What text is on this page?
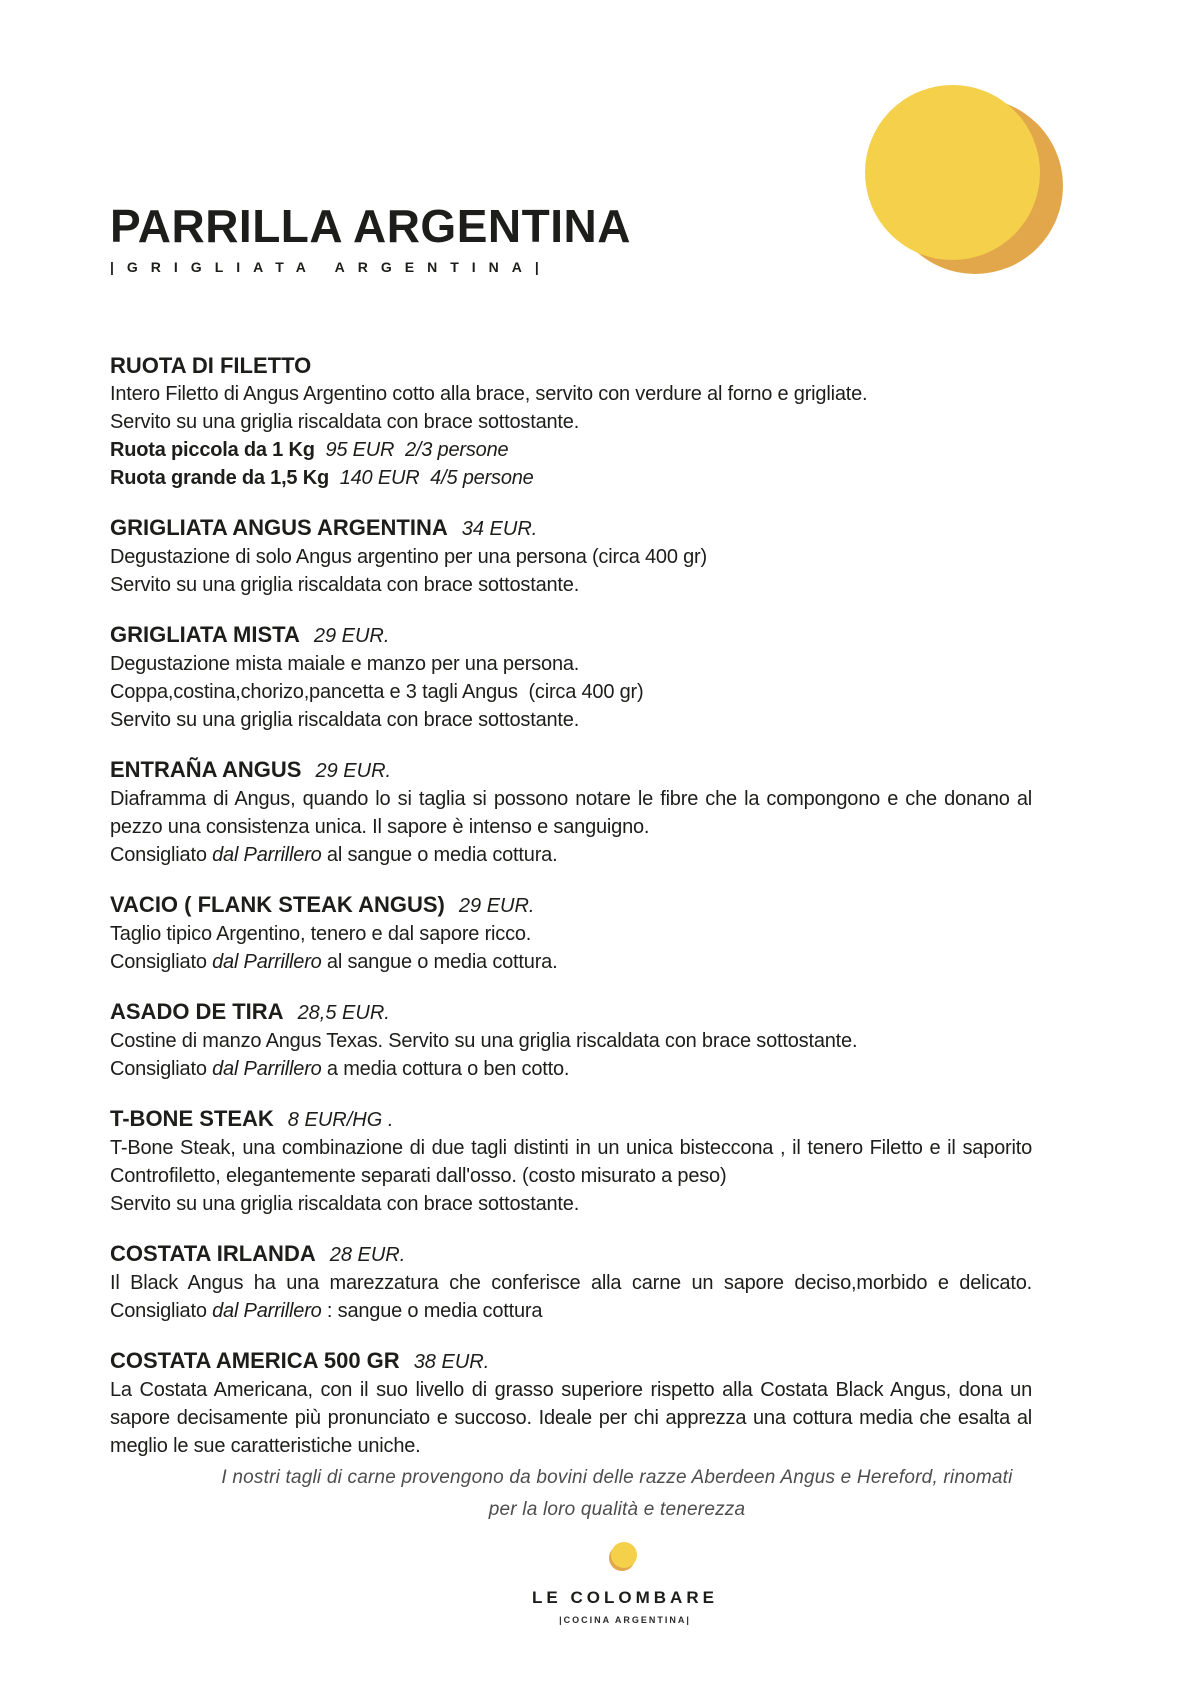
PARRILLA ARGENTINA
|GRIGLIATA ARGENTINA|
RUOTA DI FILETTO
Intero Filetto di Angus Argentino cotto alla brace, servito con verdure al forno e grigliate.
Servito su una griglia riscaldata con brace sottostante.
Ruota piccola da 1 Kg  95 EUR  2/3 persone
Ruota grande da 1,5 Kg  140 EUR  4/5 persone
GRIGLIATA ANGUS ARGENTINA 34 EUR.
Degustazione di solo Angus argentino per una persona (circa 400 gr)
Servito su una griglia riscaldata con brace sottostante.
GRIGLIATA MISTA 29 EUR.
Degustazione mista maiale e manzo per una persona.
Coppa,costina,chorizo,pancetta e 3 tagli Angus  (circa 400 gr)
Servito su una griglia riscaldata con brace sottostante.
ENTRAÑA ANGUS 29 EUR.
Diaframma di Angus, quando lo si taglia si possono notare le fibre che la compongono e che donano al pezzo una consistenza unica. Il sapore è intenso e sanguigno.
Consigliato dal Parrillero al sangue o media cottura.
VACIO ( FLANK STEAK ANGUS) 29 EUR.
Taglio tipico Argentino, tenero e dal sapore ricco.
Consigliato dal Parrillero al sangue o media cottura.
ASADO DE TIRA 28,5 EUR.
Costine di manzo Angus Texas. Servito su una griglia riscaldata con brace sottostante.
Consigliato dal Parrillero a media cottura o ben cotto.
T-BONE STEAK 8 EUR/HG .
T-Bone Steak, una combinazione di due tagli distinti in un unica bisteccona , il tenero Filetto e il saporito Controfiletto, elegantemente separati dall'osso. (costo misurato a peso)
Servito su una griglia riscaldata con brace sottostante.
COSTATA IRLANDA 28 EUR.
Il Black Angus ha una marezzatura che conferisce alla carne un sapore deciso,morbido e delicato.
Consigliato dal Parrillero : sangue o media cottura
COSTATA AMERICA 500 GR 38 EUR.
La Costata Americana, con il suo livello di grasso superiore rispetto alla Costata Black Angus, dona un sapore decisamente più pronunciato e succoso. Ideale per chi apprezza una cottura media che esalta al meglio le sue caratteristiche uniche.
I nostri tagli di carne provengono da bovini delle razze Aberdeen Angus e Hereford, rinomati
per la loro qualità e tenerezza
LE COLOMBARE
|COCINA ARGENTINA|
